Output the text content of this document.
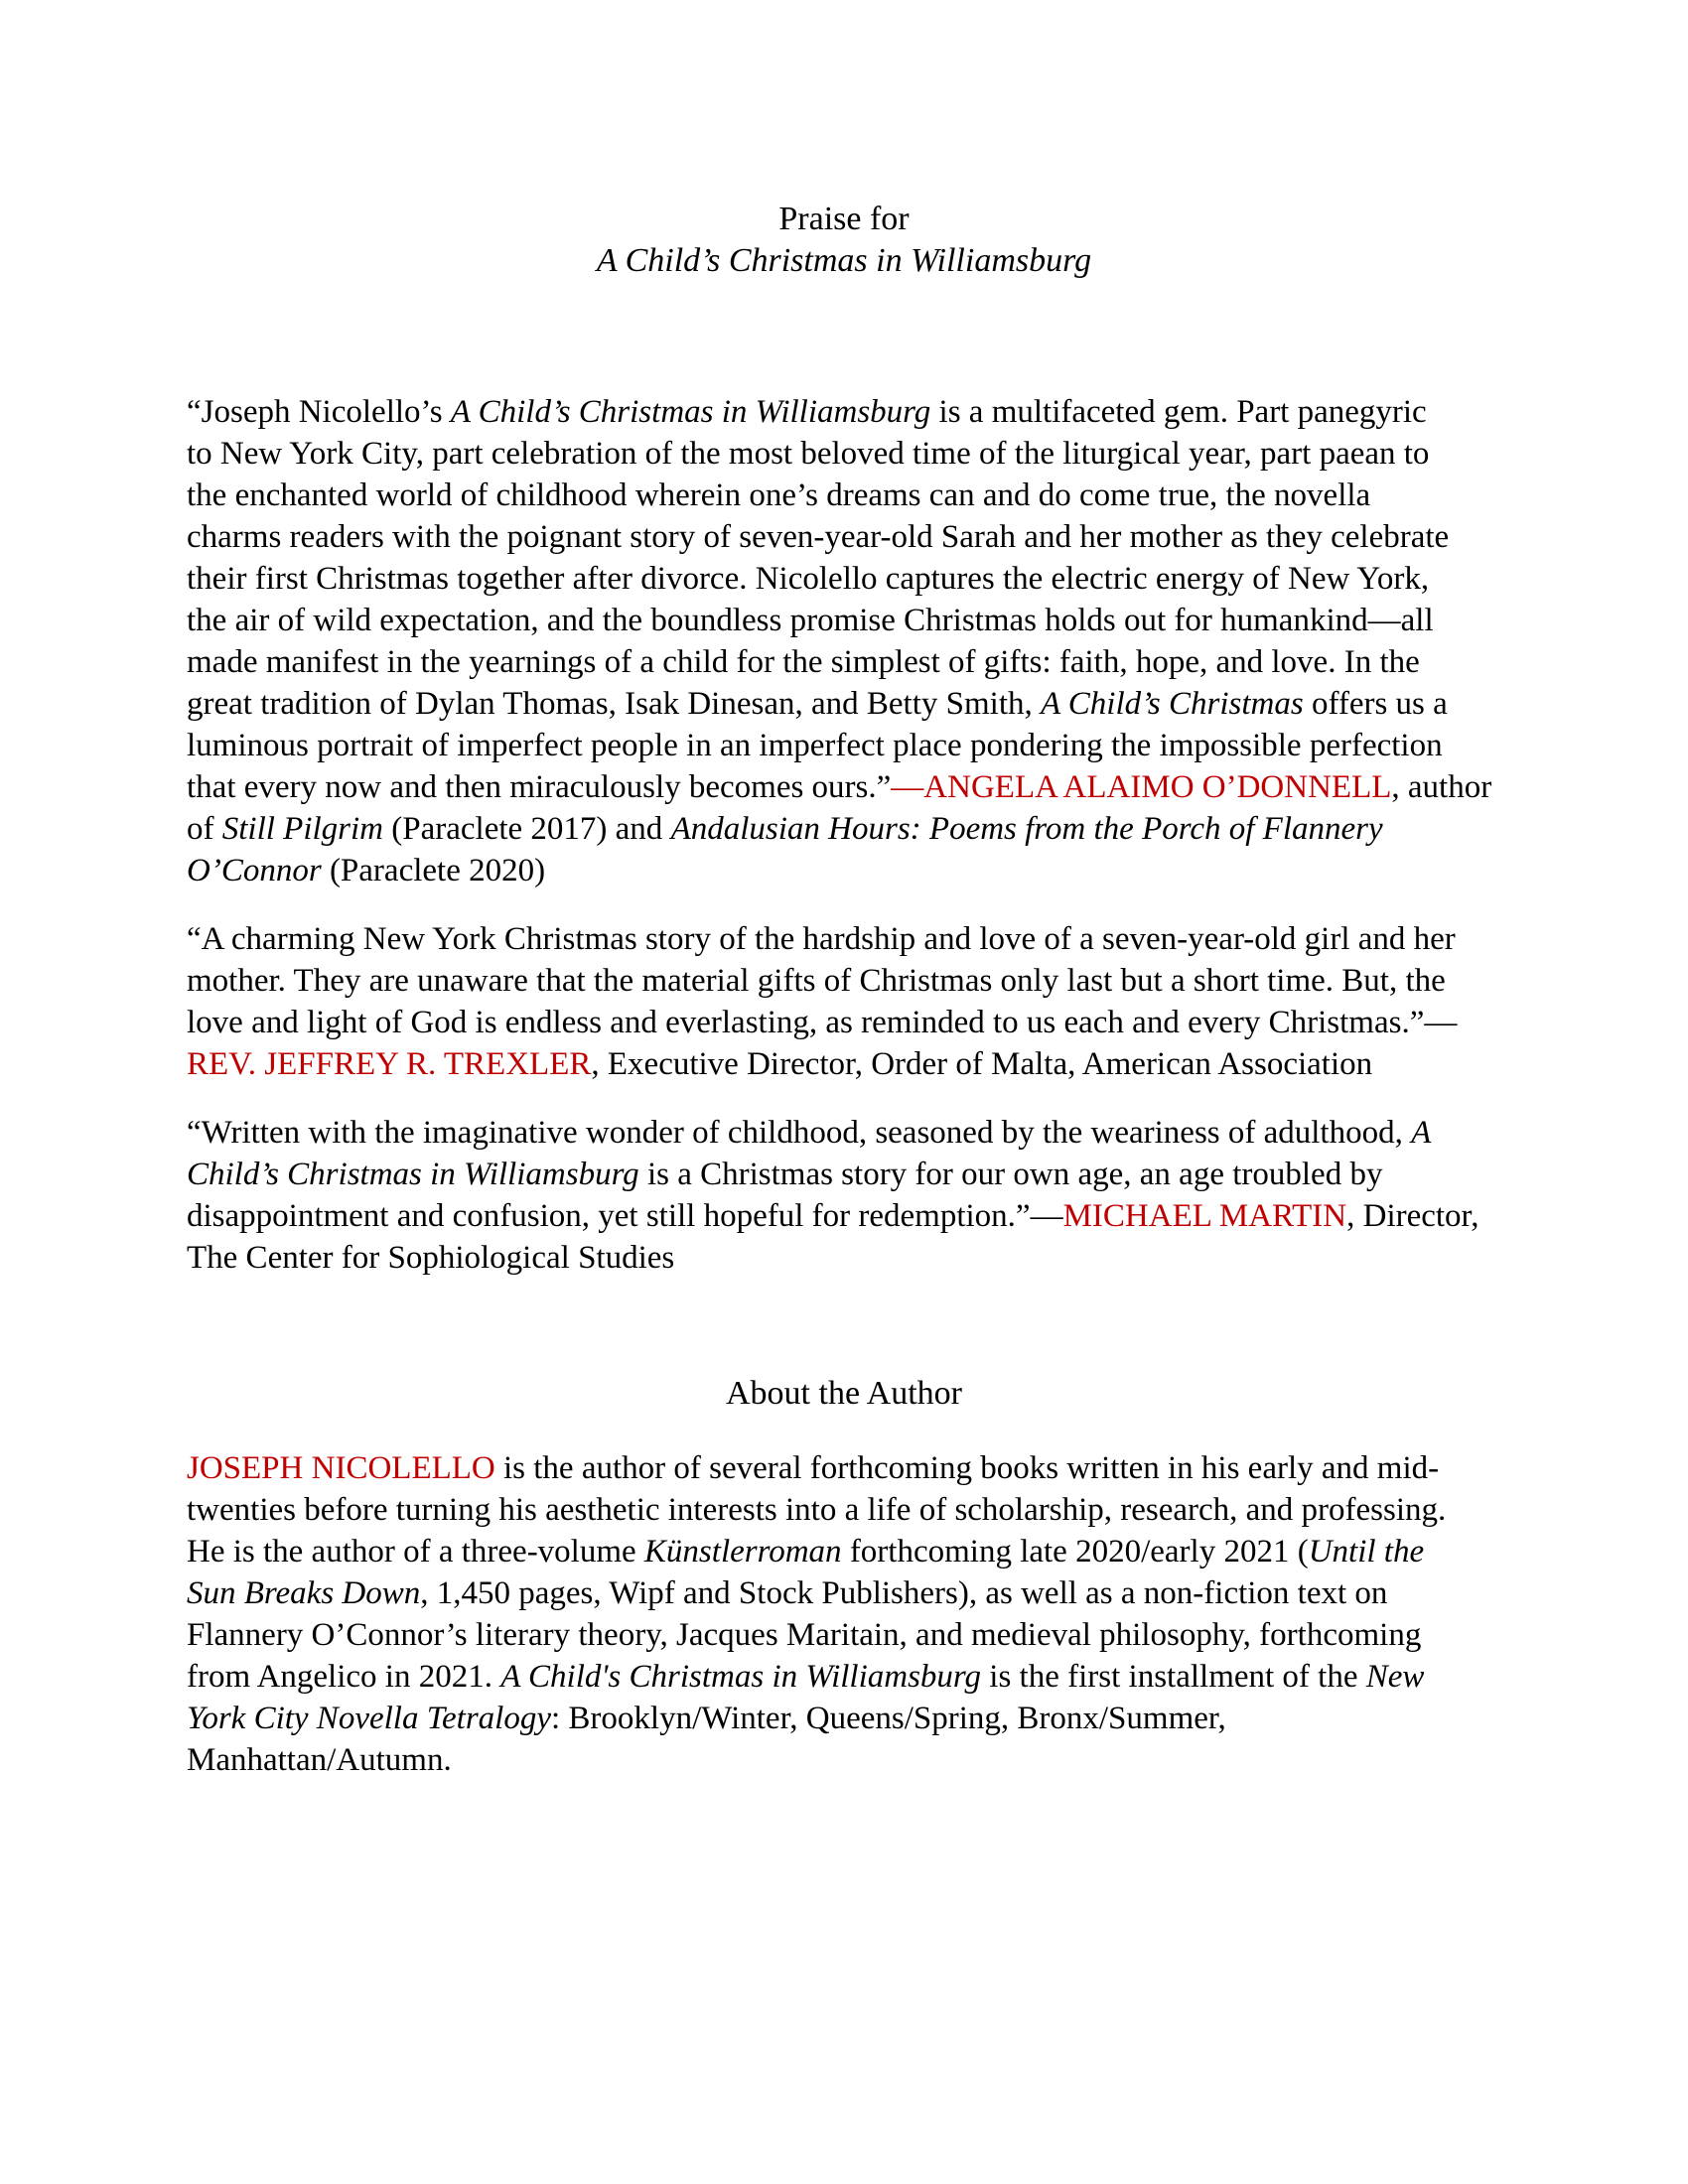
Praise for
A Child’s Christmas in Williamsburg
“Joseph Nicolello’s A Child’s Christmas in Williamsburg is a multifaceted gem. Part panegyric
to New York City, part celebration of the most beloved time of the liturgical year, part paean to
the enchanted world of childhood wherein one’s dreams can and do come true, the novella
charms readers with the poignant story of seven-year-old Sarah and her mother as they celebrate
their first Christmas together after divorce. Nicolello captures the electric energy of New York,
the air of wild expectation, and the boundless promise Christmas holds out for humankind—all
made manifest in the yearnings of a child for the simplest of gifts: faith, hope, and love. In the
great tradition of Dylan Thomas, Isak Dinesan, and Betty Smith, A Child’s Christmas offers us a
luminous portrait of imperfect people in an imperfect place pondering the impossible perfection
that every now and then miraculously becomes ours.”—ANGELA ALAIMO O’DONNELL, author
of Still Pilgrim (Paraclete 2017) and Andalusian Hours: Poems from the Porch of Flannery
O’Connor (Paraclete 2020)
“A charming New York Christmas story of the hardship and love of a seven-year-old girl and her
mother. They are unaware that the material gifts of Christmas only last but a short time. But, the
love and light of God is endless and everlasting, as reminded to us each and every Christmas.”—
REV. JEFFREY R. TREXLER, Executive Director, Order of Malta, American Association
“Written with the imaginative wonder of childhood, seasoned by the weariness of adulthood, A
Child’s Christmas in Williamsburg is a Christmas story for our own age, an age troubled by
disappointment and confusion, yet still hopeful for redemption.”—MICHAEL MARTIN, Director,
The Center for Sophiological Studies
About the Author
JOSEPH NICOLELLO is the author of several forthcoming books written in his early and mid-
twenties before turning his aesthetic interests into a life of scholarship, research, and professing.
He is the author of a three-volume Künstlerroman forthcoming late 2020/early 2021 (Until the
Sun Breaks Down, 1,450 pages, Wipf and Stock Publishers), as well as a non-fiction text on
Flannery O’Connor’s literary theory, Jacques Maritain, and medieval philosophy, forthcoming
from Angelico in 2021. A Child's Christmas in Williamsburg is the first installment of the New
York City Novella Tetralogy: Brooklyn/Winter, Queens/Spring, Bronx/Summer,
Manhattan/Autumn.
